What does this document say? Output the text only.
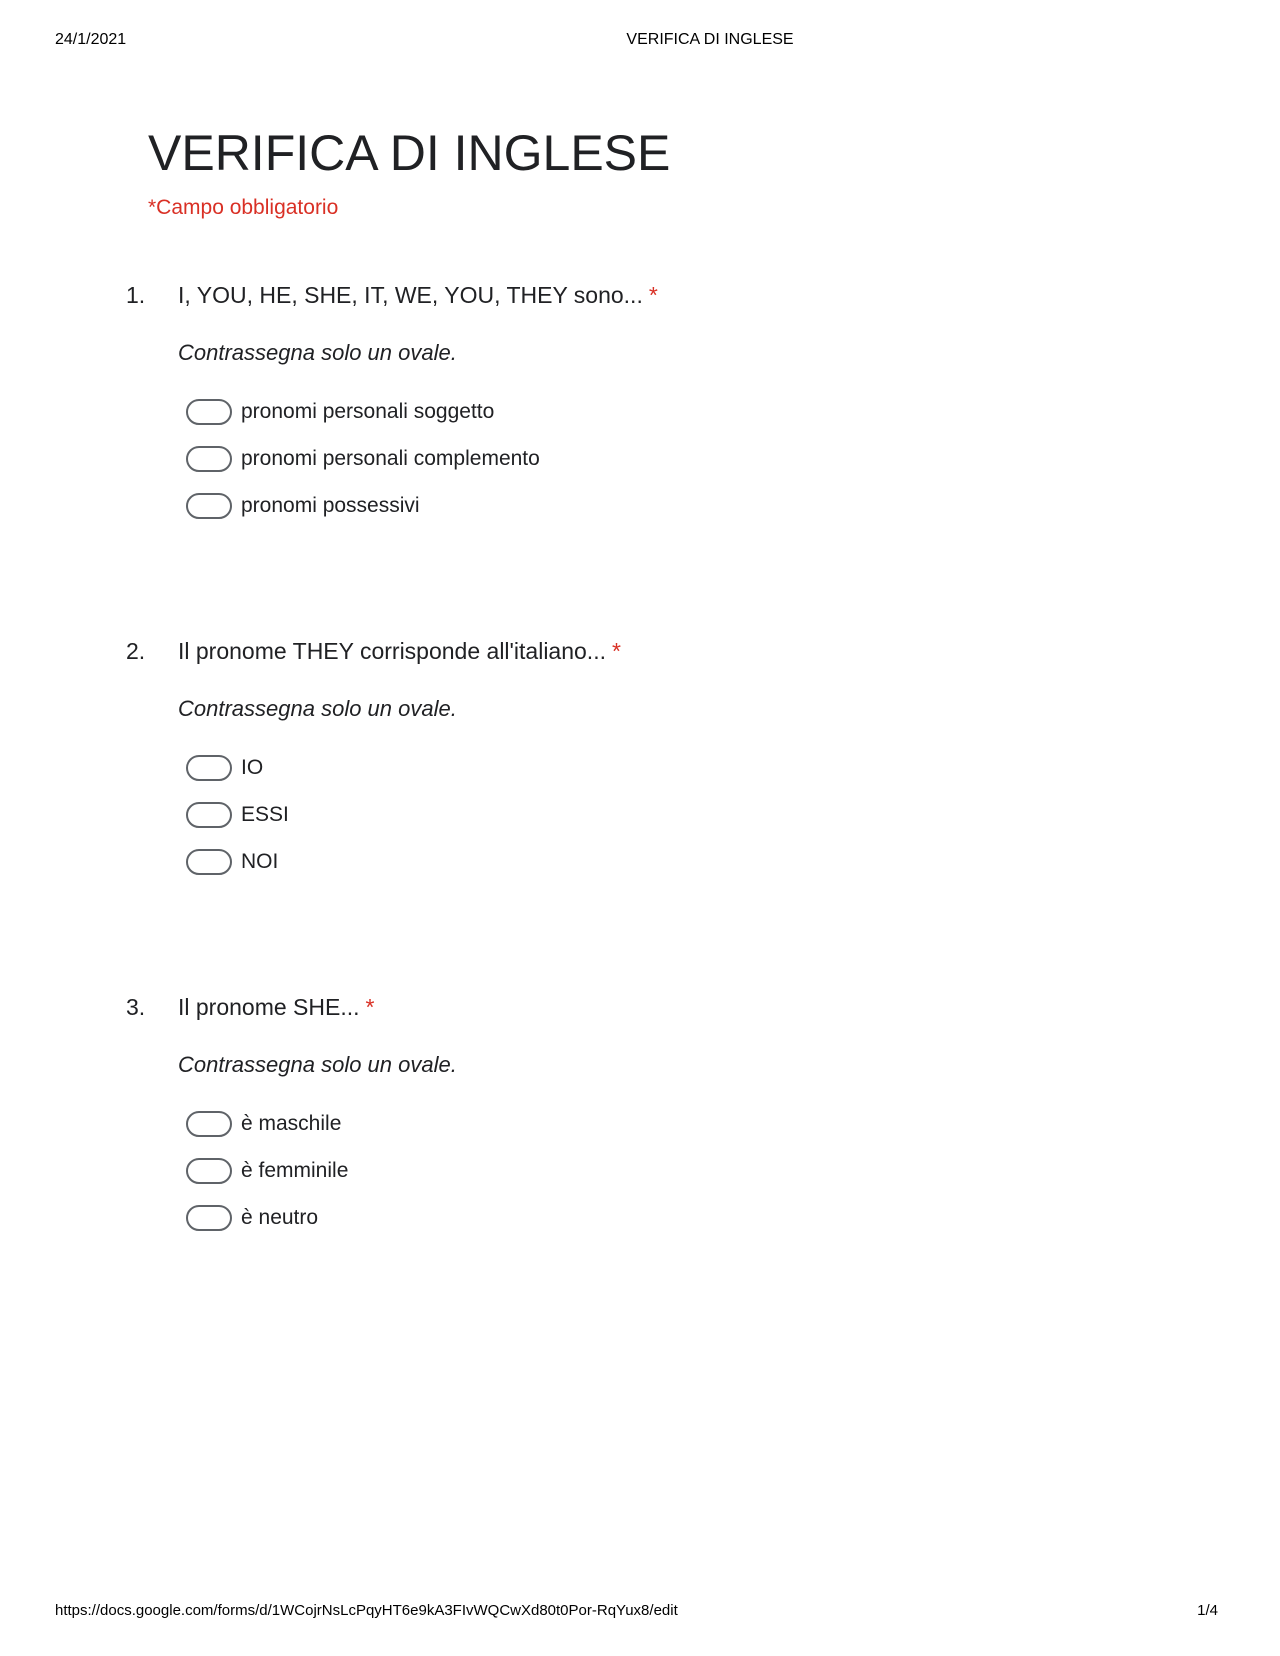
24/1/2021	VERIFICA DI INGLESE
VERIFICA DI INGLESE
*Campo obbligatorio
1.	I, YOU, HE, SHE, IT, WE, YOU, THEY sono... *
Contrassegna solo un ovale.
pronomi personali soggetto
pronomi personali complemento
pronomi possessivi
2.	Il pronome THEY corrisponde all'italiano... *
Contrassegna solo un ovale.
IO
ESSI
NOI
3.	Il pronome SHE... *
Contrassegna solo un ovale.
è maschile
è femminile
è neutro
https://docs.google.com/forms/d/1WCojrNsLcPqyHT6e9kA3FIvWQCwXd80t0Por-RqYux8/edit	1/4
